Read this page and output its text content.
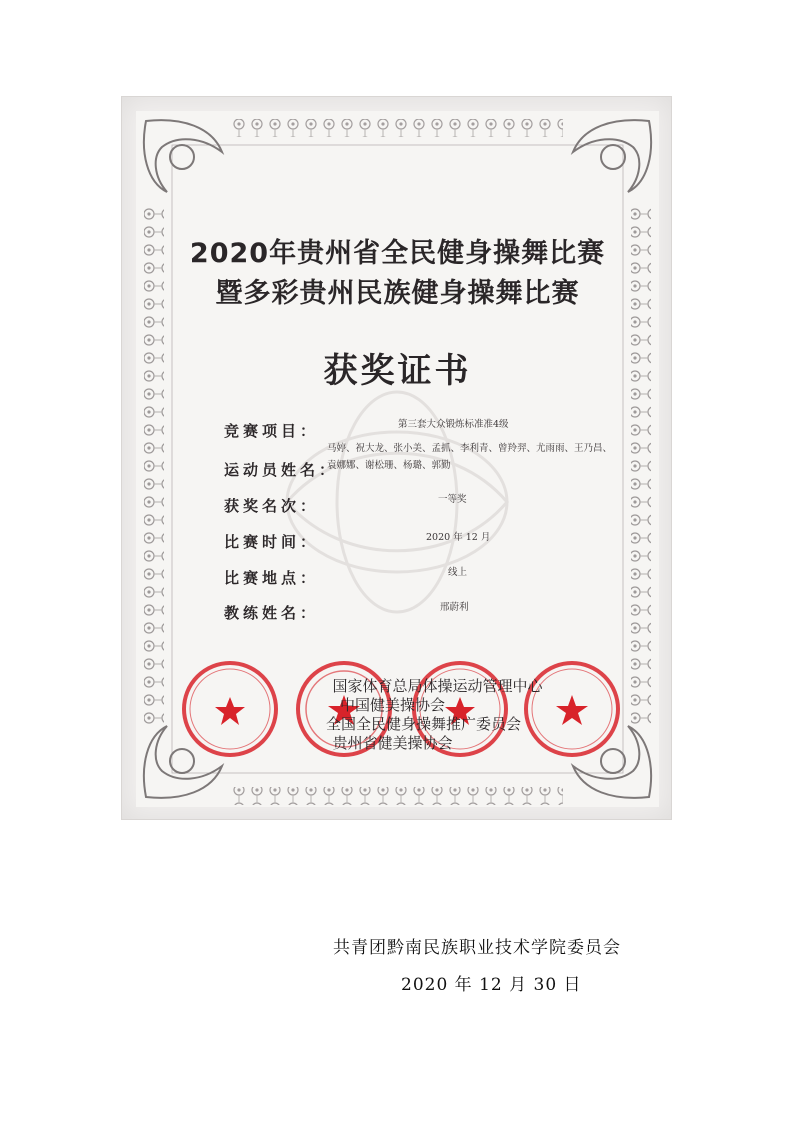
2020年贵州省全民健身操舞比赛
暨多彩贵州民族健身操舞比赛
获奖证书
竞赛项目：	第三套大众锻炼标准准4级
运动员姓名：
马婷、祝大龙、张小美、孟抓、李利青、曾羚羿、尤雨雨、王乃昌、
袁娜娜、谢松珊、杨璐、郭勤
获奖名次：	一等奖
比赛时间：	2020 年 12 月
比赛地点：	线上
教练姓名：	邢蔚利
国家体育总局体操运动管理中心
中国健美操协会
全国全民健身操舞推广委员会
贵州省健美操协会
共青团黔南民族职业技术学院委员会
2020 年 12 月 30 日
